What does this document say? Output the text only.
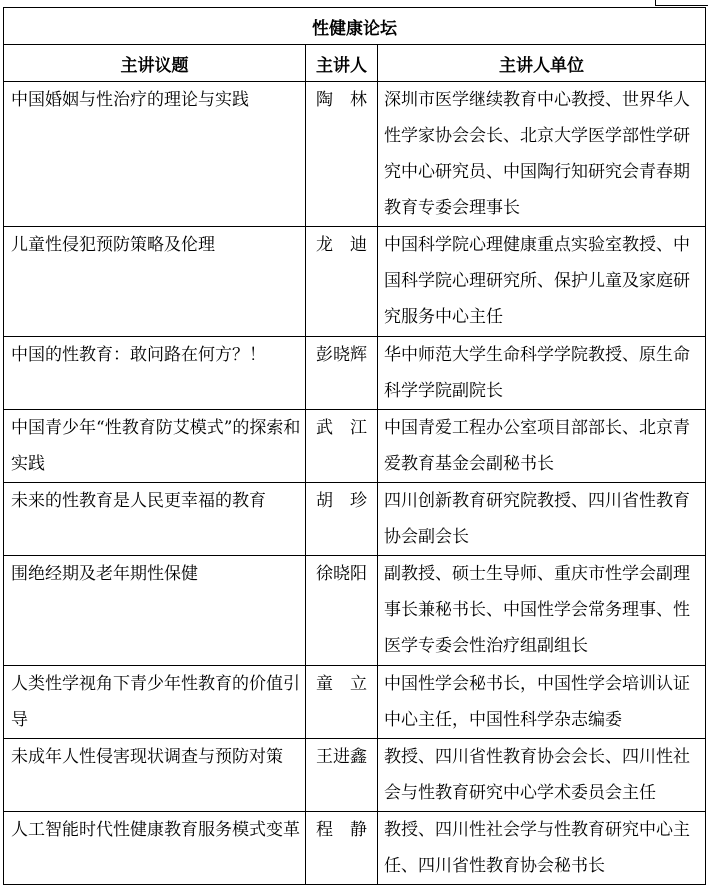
性健康论坛		
主讲议题	主讲人	主讲人单位
中国婚姻与性治疗的理论与实践	陶　林	深圳市医学继续教育中心教授、世界华人性学家协会会长、北京大学医学部性学研究中心研究员、中国陶行知研究会青春期教育专委会理事长
儿童性侵犯预防策略及伦理	龙　迪	中国科学院心理健康重点实验室教授、中国科学院心理研究所、保护儿童及家庭研究服务中心主任
中国的性教育：敢问路在何方？！	彭晓辉	华中师范大学生命科学学院教授、原生命科学学院副院长
中国青少年“性教育防艾模式”的探索和实践	武　江	中国青爱工程办公室项目部部长、北京青爱教育基金会副秘书长
未来的性教育是人民更幸福的教育	胡　珍	四川创新教育研究院教授、四川省性教育协会副会长
围绝经期及老年期性保健	徐晓阳	副教授、硕士生导师、重庆市性学会副理事长兼秘书长、中国性学会常务理事、性医学专委会性治疗组副组长
人类性学视角下青少年性教育的价值引导	童　立	中国性学会秘书长，中国性学会培训认证中心主任，中国性科学杂志编委
未成年人性侵害现状调查与预防对策	王进鑫	教授、四川省性教育协会会长、四川性社会与性教育研究中心学术委员会主任
人工智能时代性健康教育服务模式变革	程　静	教授、四川性社会学与性教育研究中心主任、四川省性教育协会秘书长
